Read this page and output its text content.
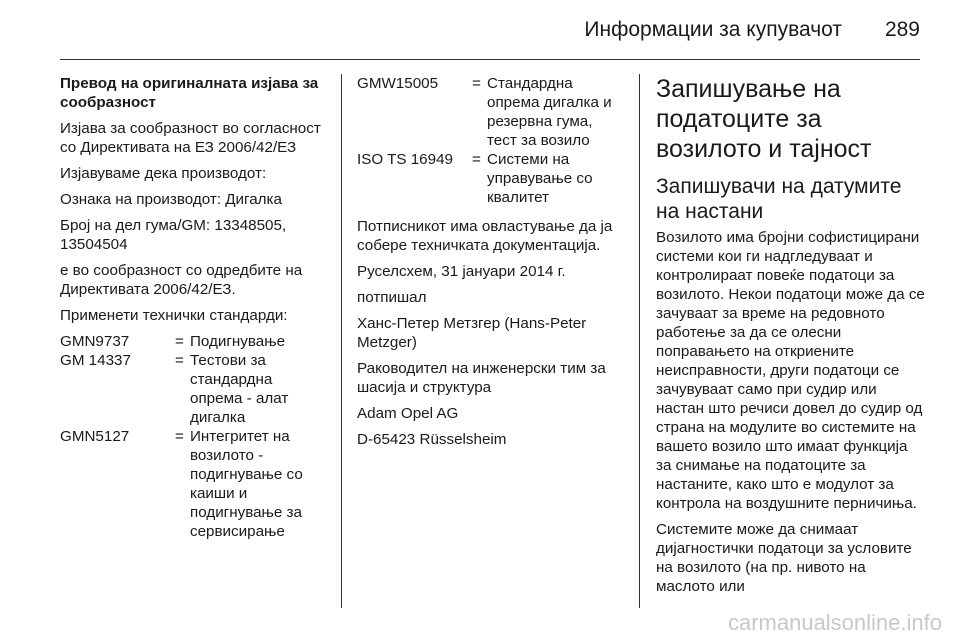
Информации за купувачот 289

Превод на оригиналната изјава за сообразност

Изјава за сообразност во согласност со Директивата на ЕЗ 2006/42/ЕЗ

Изјавуваме дека производот:

Ознака на производот: Дигалка

Број на дел гума/GM: 13348505, 13504504

е во сообразност со одредбите на Директивата 2006/42/ЕЗ.

Применети технички стандарди:

GMN9737	= Подигнување
GM 14337	= Тестови за стандардна опрема - алат дигалка
GMN5127	= Интегритет на возилото - подигнување со каиши и подигнување за сервисирање
GMW15005	= Стандардна опрема дигалка и резервна гума, тест за возило
ISO TS 16949	= Системи на управување со квалитет

Потписникот има овластување да ја собере техничката документација.

Руселсхем, 31 јануари 2014 г.

потпишал

Ханс-Петер Метзгер (Hans-Peter Metzger)

Раководител на инженерски тим за шасија и структура

Adam Opel AG

D-65423 Rüsselsheim

Запишување на податоците за возилото и тајност
Запишувачи на датумите на настани

Возилото има бројни софистицирани системи кои ги надгледуваат и контролираат повеќе податоци за возилото. Некои податоци може да се зачуваат за време на редовното работење за да се олесни поправањето на откриените неисправности, други податоци се зачувуваат само при судир или настан што речиси довел до судир од страна на модулите во системите на вашето возило што имаат функција за снимање на податоците за настаните, како што е модулот за контрола на воздушните перничиња.

Системите може да снимаат дијагностички податоци за условите на возилото (на пр. нивото на маслото или

carmanualsonline.info
